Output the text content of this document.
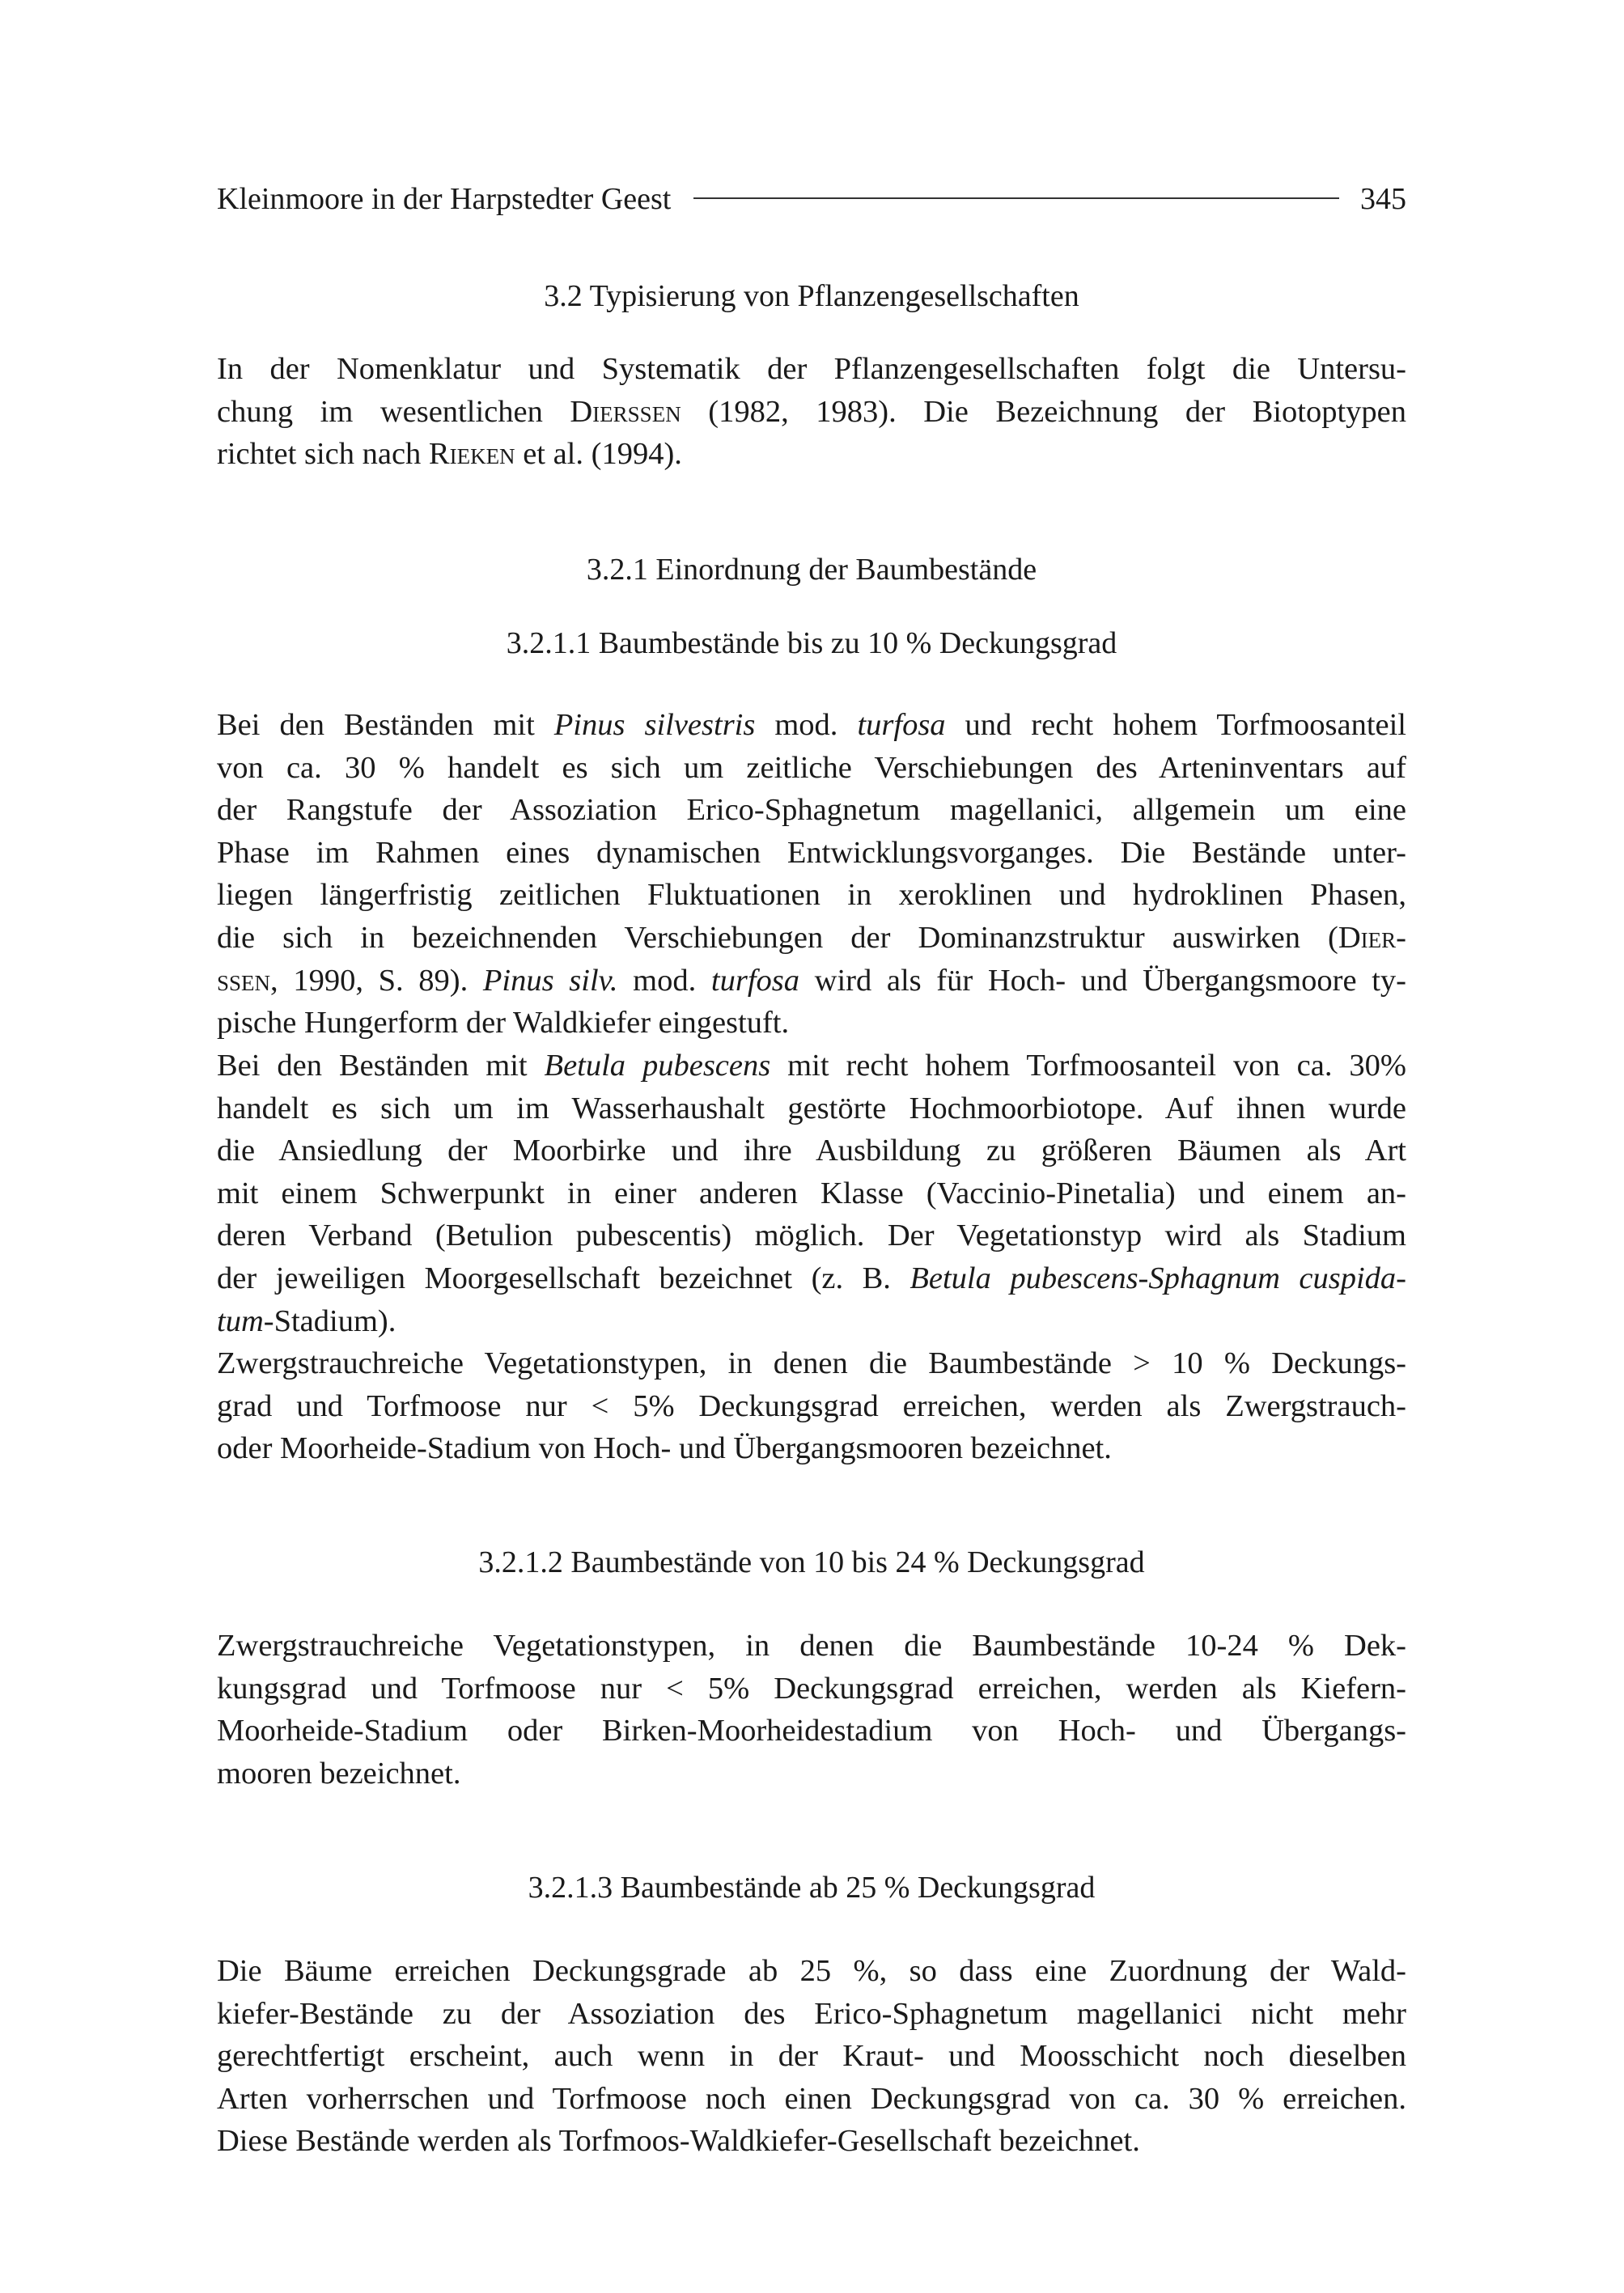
Kleinmoore in der Harpstedter Geest	345
3.2 Typisierung von Pflanzengesellschaften

In der Nomenklatur und Systematik der Pflanzengesellschaften folgt die Untersu-
chung im wesentlichen Dierßen (1982, 1983). Die Bezeichnung der Biotoptypen
richtet sich nach Rieken et al. (1994).

3.2.1 Einordnung der Baumbestände
3.2.1.1 Baumbestände bis zu 10 % Deckungsgrad

Bei den Beständen mit Pinus silvestris mod. turfosa und recht hohem Torfmoosanteil
von ca. 30 % handelt es sich um zeitliche Verschiebungen des Arteninventars auf
der Rangstufe der Assoziation Erico-Sphagnetum magellanici, allgemein um eine
Phase im Rahmen eines dynamischen Entwicklungsvorganges. Die Bestände unter-
liegen längerfristig zeitlichen Fluktuationen in xeroklinen und hydroklinen Phasen,
die sich in bezeichnenden Verschiebungen der Dominanzstruktur auswirken (Dier-
ßen, 1990, S. 89). Pinus silv. mod. turfosa wird als für Hoch- und Übergangsmoore ty-
pische Hungerform der Waldkiefer eingestuft.

Bei den Beständen mit Betula pubescens mit recht hohem Torfmoosanteil von ca. 30%
handelt es sich um im Wasserhaushalt gestörte Hochmoorbiotope. Auf ihnen wurde
die Ansiedlung der Moorbirke und ihre Ausbildung zu größeren Bäumen als Art
mit einem Schwerpunkt in einer anderen Klasse (Vaccinio-Pinetalia) und einem an-
deren Verband (Betulion pubescentis) möglich. Der Vegetationstyp wird als Stadium
der jeweiligen Moorgesellschaft bezeichnet (z. B. Betula pubescens-Sphagnum cuspida-
tum-Stadium).

Zwergstrauchreiche Vegetationstypen, in denen die Baumbestände > 10 % Deckungs-
grad und Torfmoose nur < 5% Deckungsgrad erreichen, werden als Zwergstrauch-
oder Moorheide-Stadium von Hoch- und Übergangsmooren bezeichnet.

3.2.1.2 Baumbestände von 10 bis 24 % Deckungsgrad

Zwergstrauchreiche Vegetationstypen, in denen die Baumbestände 10-24 % Dek-
kungsgrad und Torfmoose nur < 5% Deckungsgrad erreichen, werden als Kiefern-
Moorheide-Stadium oder Birken-Moorheidestadium von Hoch- und Übergangs-
mooren bezeichnet.

3.2.1.3 Baumbestände ab 25 % Deckungsgrad

Die Bäume erreichen Deckungsgrade ab 25 %, so dass eine Zuordnung der Wald-
kiefer-Bestände zu der Assoziation des Erico-Sphagnetum magellanici nicht mehr
gerechtfertigt erscheint, auch wenn in der Kraut- und Moosschicht noch dieselben
Arten vorherrschen und Torfmoose noch einen Deckungsgrad von ca. 30 % erreichen.
Diese Bestände werden als Torfmoos-Waldkiefer-Gesellschaft bezeichnet.
